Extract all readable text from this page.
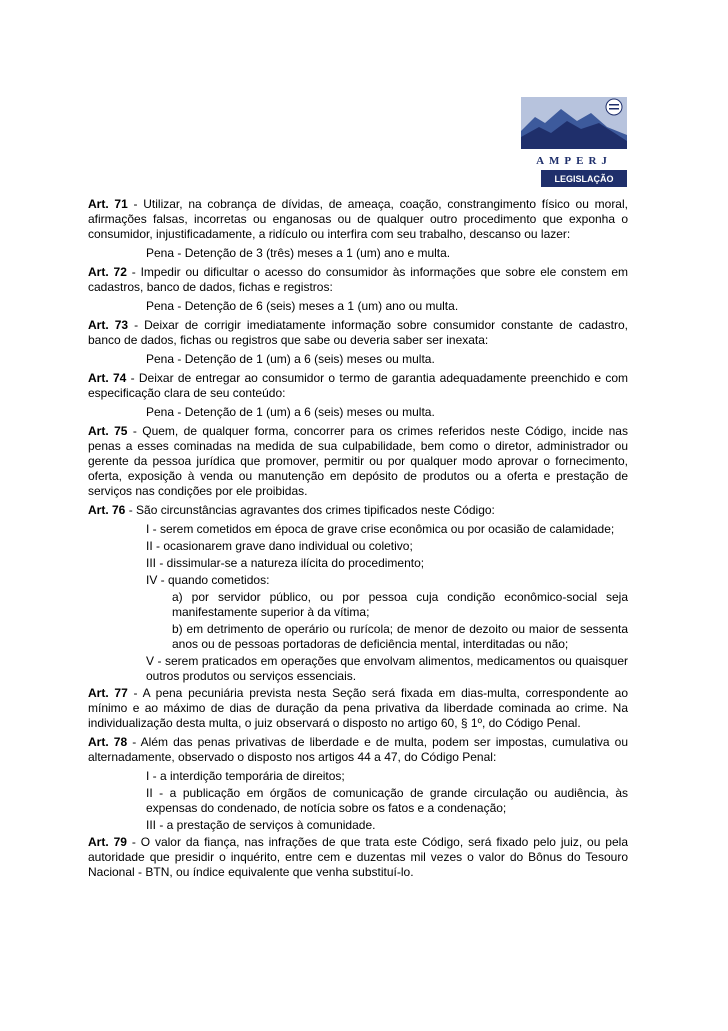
AMPERJ
LEGISLAÇÃO

Art. 71 - Utilizar, na cobrança de dívidas, de ameaça, coação, constrangimento físico ou moral, afirmações falsas, incorretas ou enganosas ou de qualquer outro procedimento que exponha o consumidor, injustificadamente, a ridículo ou interfira com seu trabalho, descanso ou lazer:

Pena - Detenção de 3 (três) meses a 1 (um) ano e multa.

Art. 72 - Impedir ou dificultar o acesso do consumidor às informações que sobre ele constem em cadastros, banco de dados, fichas e registros:

Pena - Detenção de 6 (seis) meses a 1 (um) ano ou multa.

Art. 73 - Deixar de corrigir imediatamente informação sobre consumidor constante de cadastro, banco de dados, fichas ou registros que sabe ou deveria saber ser inexata:

Pena - Detenção de 1 (um) a 6 (seis) meses ou multa.

Art. 74 - Deixar de entregar ao consumidor o termo de garantia adequadamente preenchido e com especificação clara de seu conteúdo:

Pena - Detenção de 1 (um) a 6 (seis) meses ou multa.

Art. 75 - Quem, de qualquer forma, concorrer para os crimes referidos neste Código, incide nas penas a esses cominadas na medida de sua culpabilidade, bem como o diretor, administrador ou gerente da pessoa jurídica que promover, permitir ou por qualquer modo aprovar o fornecimento, oferta, exposição à venda ou manutenção em depósito de produtos ou a oferta e prestação de serviços nas condições por ele proibidas.

Art. 76 - São circunstâncias agravantes dos crimes tipificados neste Código:

I - serem cometidos em época de grave crise econômica ou por ocasião de calamidade;

II - ocasionarem grave dano individual ou coletivo;

III - dissimular-se a natureza ilícita do procedimento;

IV - quando cometidos:

a) por servidor público, ou por pessoa cuja condição econômico-social seja manifestamente superior à da vítima;

b) em detrimento de operário ou rurícola; de menor de dezoito ou maior de sessenta anos ou de pessoas portadoras de deficiência mental, interditadas ou não;

V - serem praticados em operações que envolvam alimentos, medicamentos ou quaisquer outros produtos ou serviços essenciais.

Art. 77 - A pena pecuniária prevista nesta Seção será fixada em dias-multa, correspondente ao mínimo e ao máximo de dias de duração da pena privativa da liberdade cominada ao crime. Na individualização desta multa, o juiz observará o disposto no artigo 60, § 1º, do Código Penal.

Art. 78 - Além das penas privativas de liberdade e de multa, podem ser impostas, cumulativa ou alternadamente, observado o disposto nos artigos 44 a 47, do Código Penal:

I - a interdição temporária de direitos;

II - a publicação em órgãos de comunicação de grande circulação ou audiência, às expensas do condenado, de notícia sobre os fatos e a condenação;

III - a prestação de serviços à comunidade.

Art. 79 - O valor da fiança, nas infrações de que trata este Código, será fixado pelo juiz, ou pela autoridade que presidir o inquérito, entre cem e duzentas mil vezes o valor do Bônus do Tesouro Nacional - BTN, ou índice equivalente que venha substituí-lo.
